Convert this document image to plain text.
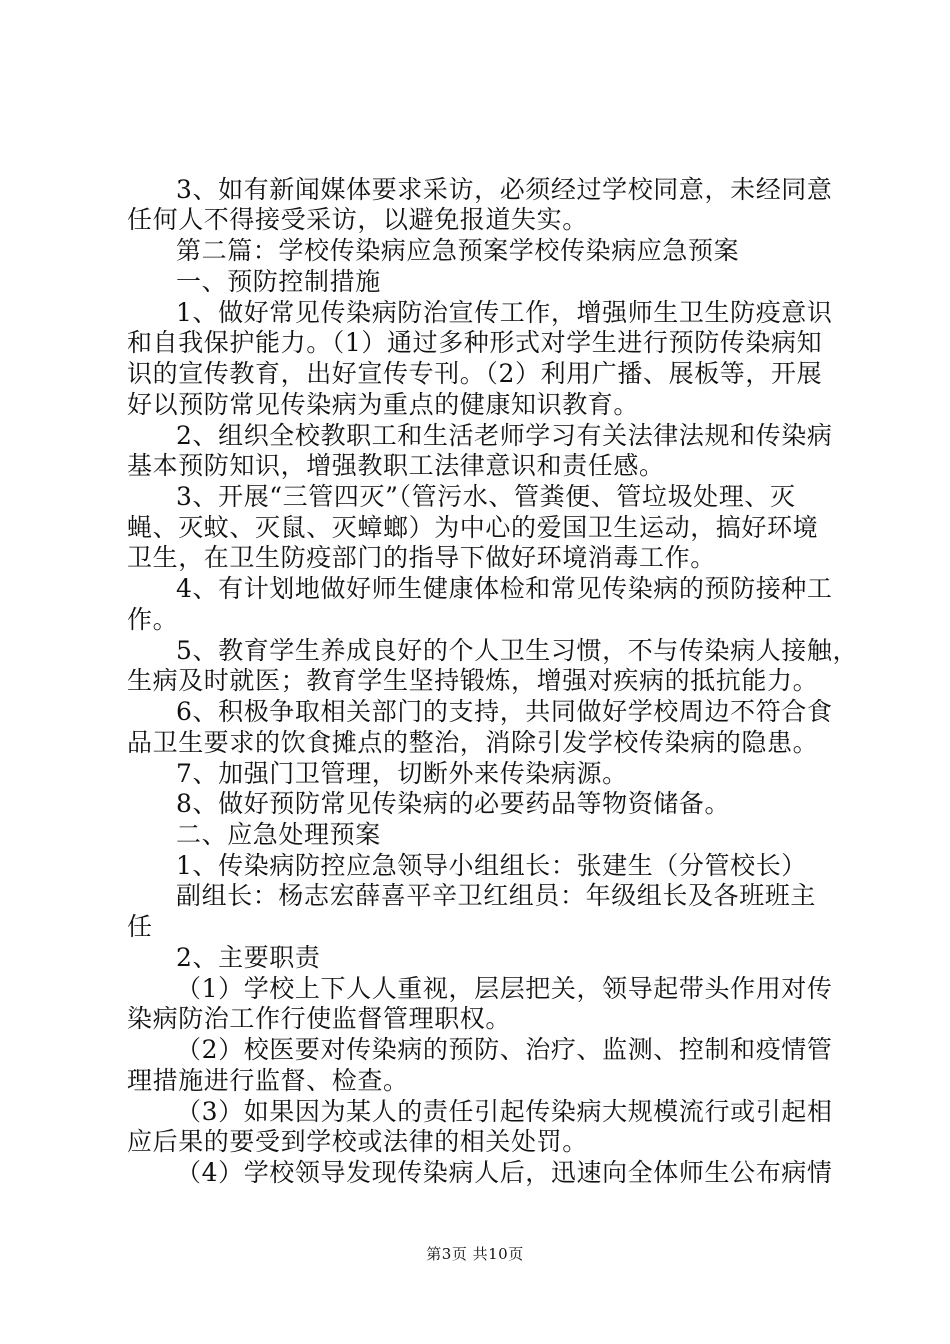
3、如有新闻媒体要求采访，必须经过学校同意，未经同意
任何人不得接受采访，以避免报道失实。
第二篇：学校传染病应急预案学校传染病应急预案
一、预防控制措施
1、做好常见传染病防治宣传工作，增强师生卫生防疫意识
和自我保护能力。（1）通过多种形式对学生进行预防传染病知
识的宣传教育，出好宣传专刊。（2）利用广播、展板等，开展
好以预防常见传染病为重点的健康知识教育。
2、组织全校教职工和生活老师学习有关法律法规和传染病
基本预防知识，增强教职工法律意识和责任感。
3、开展“三管四灭”（管污水、管粪便、管垃圾处理、灭
蝇、灭蚊、灭鼠、灭蟑螂）为中心的爱国卫生运动，搞好环境
卫生，在卫生防疫部门的指导下做好环境消毒工作。
4、有计划地做好师生健康体检和常见传染病的预防接种工
作。
5、教育学生养成良好的个人卫生习惯，不与传染病人接触，
生病及时就医；教育学生坚持锻炼，增强对疾病的抵抗能力。
6、积极争取相关部门的支持，共同做好学校周边不符合食
品卫生要求的饮食摊点的整治，消除引发学校传染病的隐患。
7、加强门卫管理，切断外来传染病源。
8、做好预防常见传染病的必要药品等物资储备。
二、应急处理预案
1、传染病防控应急领导小组组长：张建生（分管校长）
副组长：杨志宏薛喜平辛卫红组员：年级组长及各班班主
任
2、主要职责
（1）学校上下人人重视，层层把关，领导起带头作用对传
染病防治工作行使监督管理职权。
（2）校医要对传染病的预防、治疗、监测、控制和疫情管
理措施进行监督、检查。
（3）如果因为某人的责任引起传染病大规模流行或引起相
应后果的要受到学校或法律的相关处罚。
（4）学校领导发现传染病人后，迅速向全体师生公布病情
第3页 共10页
